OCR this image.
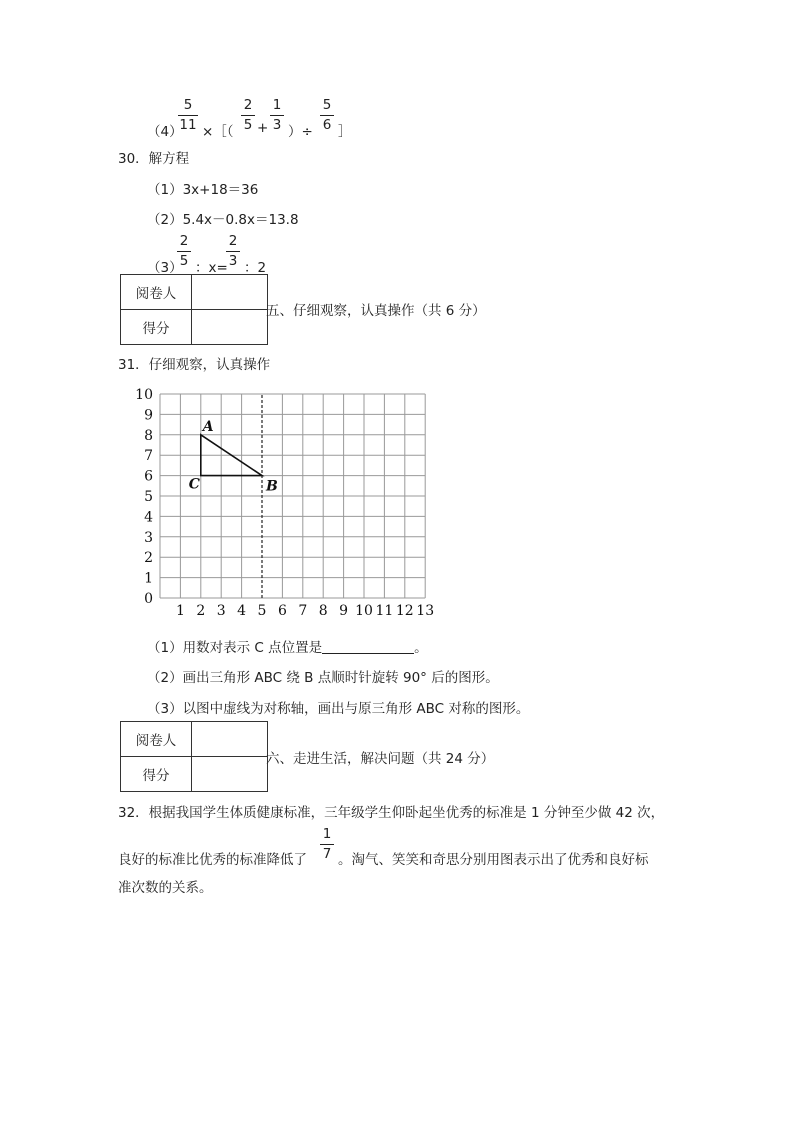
（4）
5
11 ×［（
2
5 +
1
3 ）÷
5
6 ］
30．解方程
（1）3x+18＝36
（2）5.4x－0.8x＝13.8
（3）
2
5 ：x=
2
3 ：2
阅卷人	
得分	
五、仔细观察，认真操作（共 6 分）
31．仔细观察，认真操作
1 2 3 4 5 6 7 8 9 10 11 12 13
0
1
2
3
4
5
6
7
8
9
10
A
B
C
（1）用数对表示 C 点位置是	。
（2）画出三角形 ABC 绕 B 点顺时针旋转 90° 后的图形。
（3）以图中虚线为对称轴，画出与原三角形 ABC 对称的图形。
阅卷人	
得分	
六、走进生活，解决问题（共 24 分）
32．根据我国学生体质健康标准，三年级学生仰卧起坐优秀的标准是 1 分钟至少做 42 次，
良好的标准比优秀的标准降低了
1
7 。淘气、笑笑和奇思分别用图表示出了优秀和良好标
准次数的关系。
